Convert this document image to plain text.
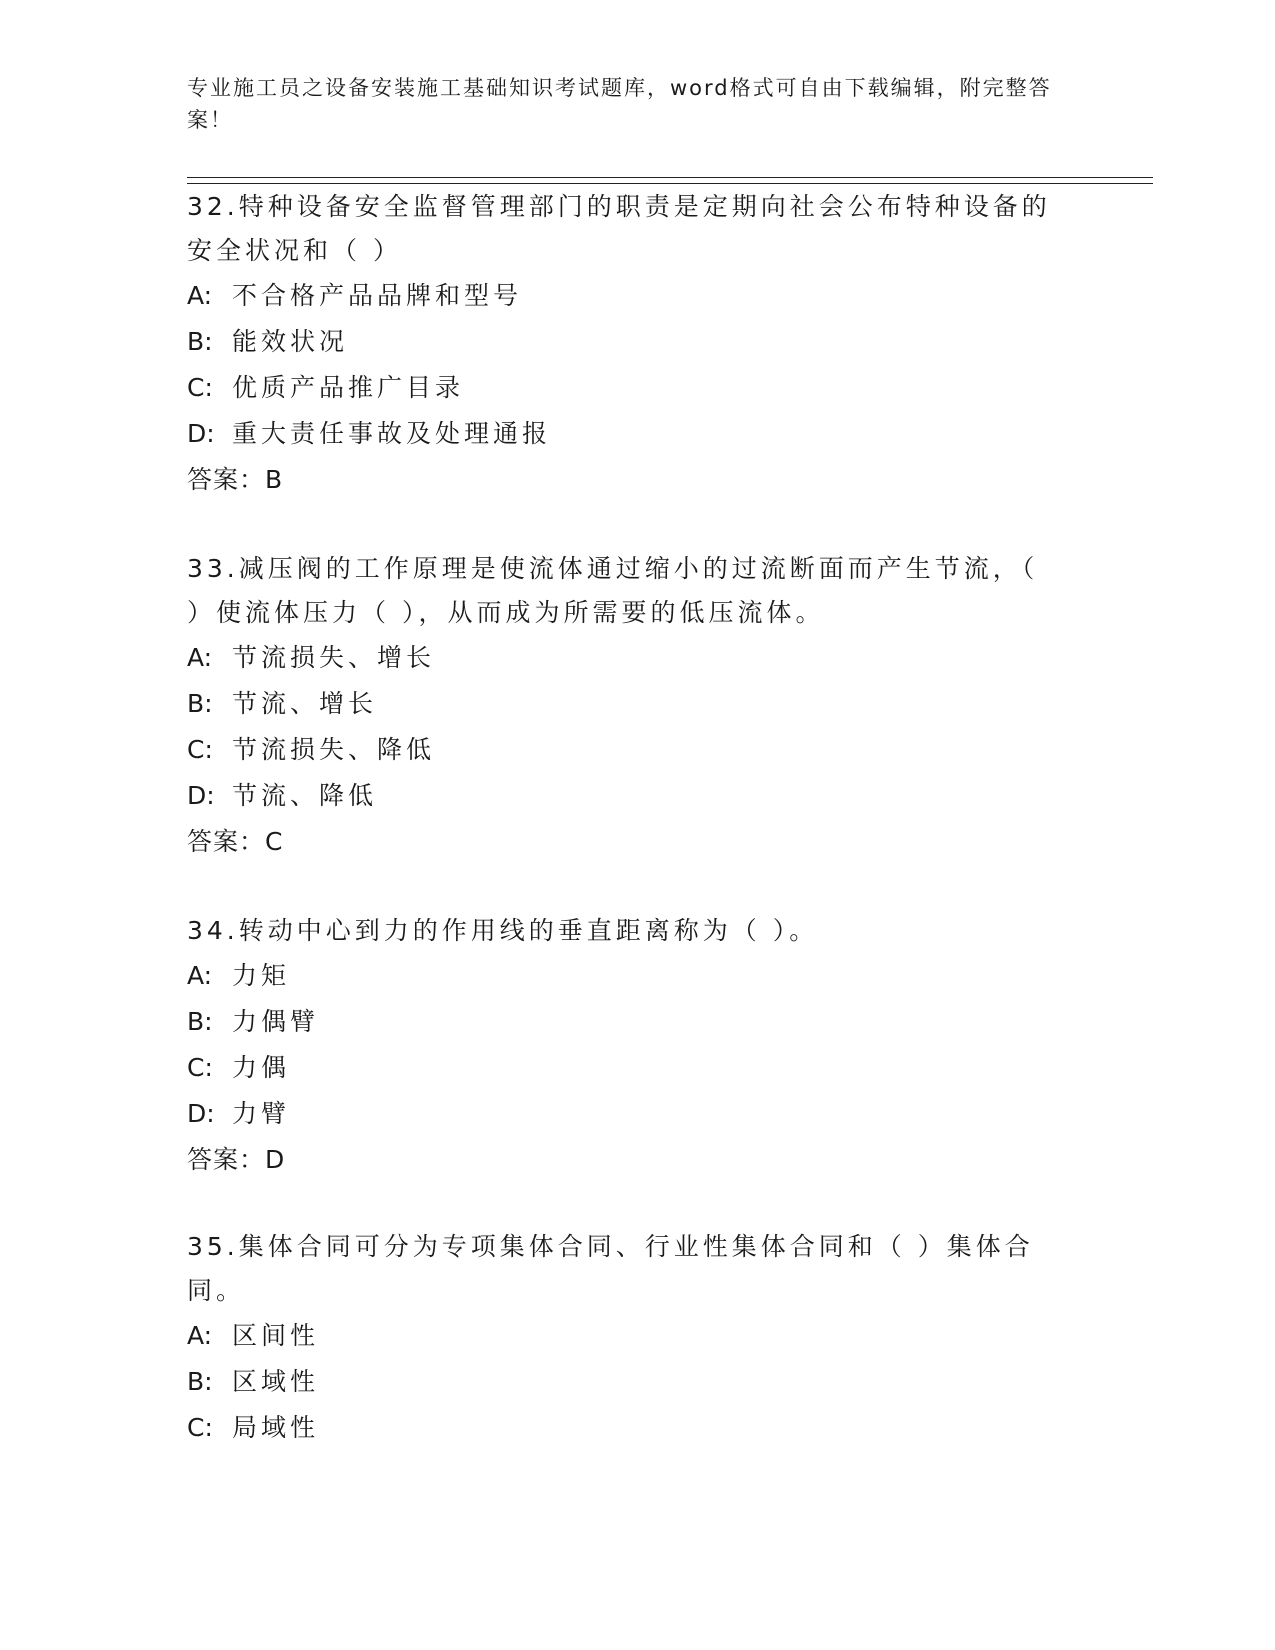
专业施工员之设备安装施工基础知识考试题库，word格式可自由下载编辑，附完整答案！

32.特种设备安全监督管理部门的职责是定期向社会公布特种设备的安全状况和（ ）

A: 不合格产品品牌和型号
B: 能效状况
C: 优质产品推广目录
D: 重大责任事故及处理通报
答案：B

33.减压阀的工作原理是使流体通过缩小的过流断面而产生节流，（ ）使流体压力（ ），从而成为所需要的低压流体。

A: 节流损失、增长
B: 节流、增长
C: 节流损失、降低
D: 节流、降低
答案：C

34.转动中心到力的作用线的垂直距离称为（ ）。

A: 力矩
B: 力偶臂
C: 力偶
D: 力臂
答案：D

35.集体合同可分为专项集体合同、行业性集体合同和（ ）集体合同。

A: 区间性
B: 区域性
C: 局域性
